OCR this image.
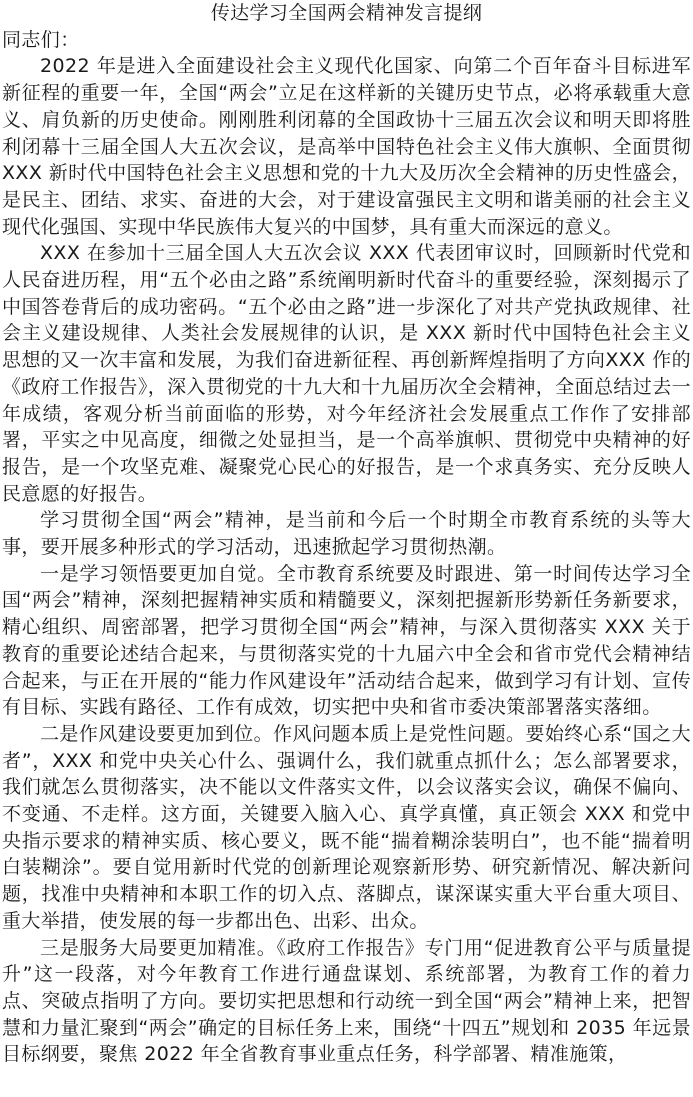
传达学习全国两会精神发言提纲

同志们：

2022 年是进入全面建设社会主义现代化国家、向第二个百年奋斗目标进军新征程的重要一年，全国“两会”立足在这样新的关键历史节点，必将承载重大意义、肩负新的历史使命。刚刚胜利闭幕的全国政协十三届五次会议和明天即将胜利闭幕十三届全国人大五次会议，是高举中国特色社会主义伟大旗帜、全面贯彻 XXX 新时代中国特色社会主义思想和党的十九大及历次全会精神的历史性盛会，是民主、团结、求实、奋进的大会，对于建设富强民主文明和谐美丽的社会主义现代化强国、实现中华民族伟大复兴的中国梦，具有重大而深远的意义。

XXX 在参加十三届全国人大五次会议 XXX 代表团审议时，回顾新时代党和人民奋进历程，用“五个必由之路”系统阐明新时代奋斗的重要经验，深刻揭示了中国答卷背后的成功密码。“五个必由之路”进一步深化了对共产党执政规律、社会主义建设规律、人类社会发展规律的认识，是 XXX 新时代中国特色社会主义思想的又一次丰富和发展，为我们奋进新征程、再创新辉煌指明了方向XXX 作的《政府工作报告》，深入贯彻党的十九大和十九届历次全会精神，全面总结过去一年成绩，客观分析当前面临的形势，对今年经济社会发展重点工作作了安排部署，平实之中见高度，细微之处显担当，是一个高举旗帜、贯彻党中央精神的好报告，是一个攻坚克难、凝聚党心民心的好报告，是一个求真务实、充分反映人民意愿的好报告。

学习贯彻全国“两会”精神，是当前和今后一个时期全市教育系统的头等大事，要开展多种形式的学习活动，迅速掀起学习贯彻热潮。

一是学习领悟要更加自觉。全市教育系统要及时跟进、第一时间传达学习全国“两会”精神，深刻把握精神实质和精髓要义，深刻把握新形势新任务新要求，精心组织、周密部署，把学习贯彻全国“两会”精神，与深入贯彻落实 XXX 关于教育的重要论述结合起来，与贯彻落实党的十九届六中全会和省市党代会精神结合起来，与正在开展的“能力作风建设年”活动结合起来，做到学习有计划、宣传有目标、实践有路径、工作有成效，切实把中央和省市委决策部署落实落细。

二是作风建设要更加到位。作风问题本质上是党性问题。要始终心系“国之大者”，XXX 和党中央关心什么、强调什么，我们就重点抓什么；怎么部署要求，我们就怎么贯彻落实，决不能以文件落实文件，以会议落实会议，确保不偏向、不变通、不走样。这方面，关键要入脑入心、真学真懂，真正领会 XXX 和党中央指示要求的精神实质、核心要义，既不能“揣着糊涂装明白”，也不能“揣着明白装糊涂”。要自觉用新时代党的创新理论观察新形势、研究新情况、解决新问题，找准中央精神和本职工作的切入点、落脚点，谋深谋实重大平台重大项目、重大举措，使发展的每一步都出色、出彩、出众。

三是服务大局要更加精准。《政府工作报告》专门用“促进教育公平与质量提升”这一段落，对今年教育工作进行通盘谋划、系统部署，为教育工作的着力点、突破点指明了方向。要切实把思想和行动统一到全国“两会”精神上来，把智慧和力量汇聚到“两会”确定的目标任务上来，围绕“十四五”规划和 2035 年远景目标纲要，聚焦 2022 年全省教育事业重点任务，科学部署、精准施策，
